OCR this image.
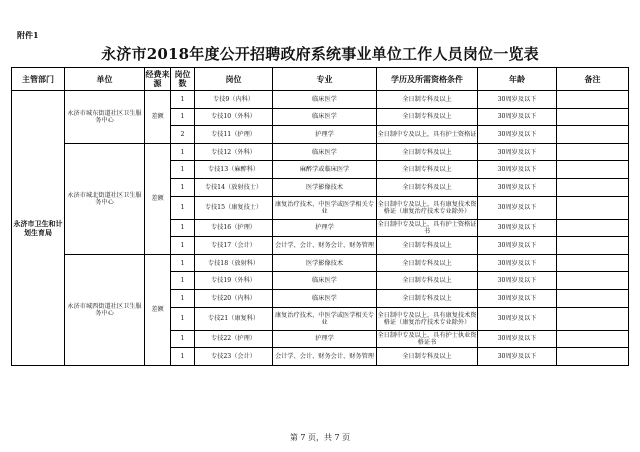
附件1
永济市2018年度公开招聘政府系统事业单位工作人员岗位一览表
主管部门	单位	经费来源	岗位数	岗位	专业	学历及所需资格条件	年龄	备注
永济市卫生和计划生育局	永济市城东街道社区卫生服务中心	差额	1	专技9（内科）	临床医学	全日制专科及以上	30周岁及以下	
			1	专技10（外科）	临床医学	全日制专科及以上	30周岁及以下	
			2	专技11（护理）	护理学	全日制中专及以上，具有护士资格证	30周岁及以下	
	永济市城北街道社区卫生服务中心	差额	1	专技12（外科）	临床医学	全日制专科及以上	30周岁及以下	
			1	专技13（麻醉科）	麻醉学或临床医学	全日制专科及以上	30周岁及以下	
			1	专技14（放射技士）	医学影像技术	全日制专科及以上	30周岁及以下	
			1	专技15（康复技士）	康复治疗技术、中医学或医学相关专业	全日制中专及以上，具有康复技术资格证（康复治疗技术专业除外）	30周岁及以下	
			1	专技16（护理）	护理学	全日制中专及以上，具有护士资格证书	30周岁及以下	
			1	专技17（会计）	会计学、会计、财务会计、财务管理	全日制专科及以上	30周岁及以下	
	永济市城西街道社区卫生服务中心	差额	1	专技18（放射科）	医学影像技术	全日制专科及以上	30周岁及以下	
			1	专技19（外科）	临床医学	全日制专科及以上	30周岁及以下	
			1	专技20（内科）	临床医学	全日制专科及以上	30周岁及以下	
			1	专技21（康复科）	康复治疗技术、中医学或医学相关专业	全日制中专及以上，具有康复技术资格证（康复治疗技术专业除外）	30周岁及以下	
			1	专技22（护理）	护理学	全日制中专及以上，具有护士执业资格证书	30周岁及以下	
			1	专技23（会计）	会计学、会计、财务会计、财务管理	全日制专科及以上	30周岁及以下	
第 7 页，共 7 页
